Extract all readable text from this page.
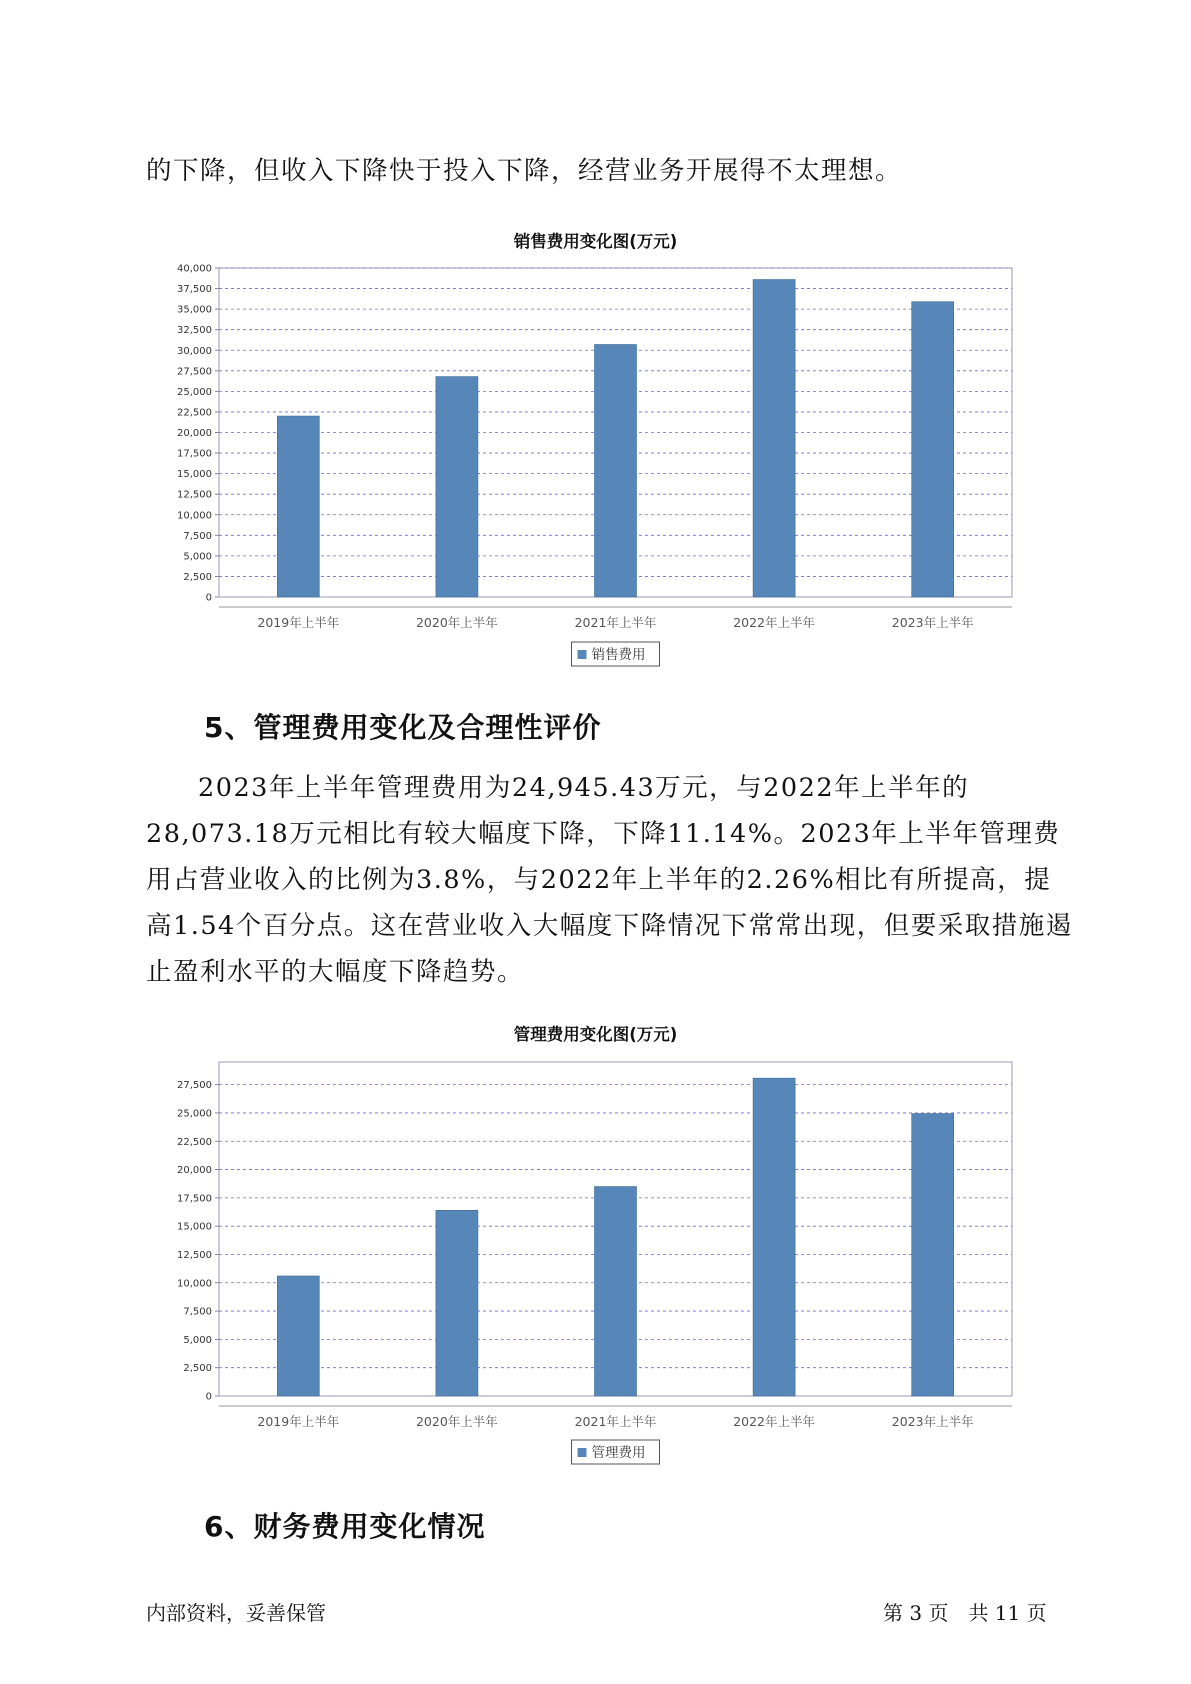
的下降，但收入下降快于投入下降，经营业务开展得不太理想。

销售费用变化图(万元)
0
2,500
5,000
7,500
10,000
12,500
15,000
17,500
20,000
22,500
25,000
27,500
30,000
32,500
35,000
37,500
40,000
2019年上半年	2020年上半年	2021年上半年	2022年上半年	2023年上半年
销售费用
5、管理费用变化及合理性评价

2023年上半年管理费用为24,945.43万元，与2022年上半年的28,073.18万元相比有较大幅度下降，下降11.14%。2023年上半年管理费用占营业收入的比例为3.8%，与2022年上半年的2.26%相比有所提高，提高1.54个百分点。这在营业收入大幅度下降情况下常常出现，但要采取措施遏止盈利水平的大幅度下降趋势。

管理费用变化图(万元)
0
2,500
5,000
7,500
10,000
12,500
15,000
17,500
20,000
22,500
25,000
27,500
2019年上半年	2020年上半年	2021年上半年	2022年上半年	2023年上半年
管理费用
6、财务费用变化情况
内部资料，妥善保管	第 3 页　共 11 页
